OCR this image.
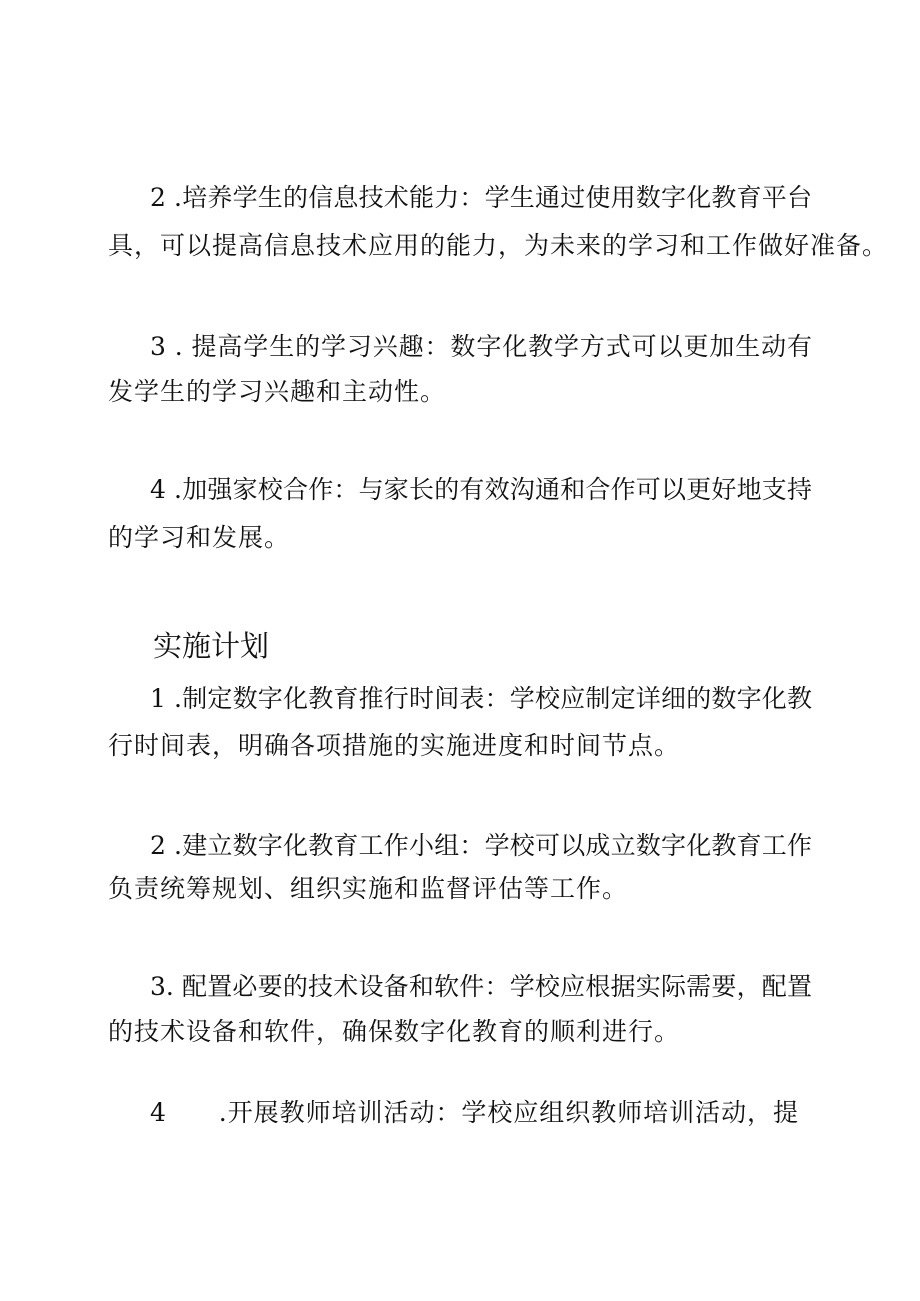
2 .培养学生的信息技术能力：学生通过使用数字化教育平台
具，可以提高信息技术应用的能力，为未来的学习和工作做好准备。
3 . 提高学生的学习兴趣：数字化教学方式可以更加生动有
发学生的学习兴趣和主动性。
4 .加强家校合作：与家长的有效沟通和合作可以更好地支持
的学习和发展。
实施计划
1 .制定数字化教育推行时间表：学校应制定详细的数字化教
行时间表，明确各项措施的实施进度和时间节点。
2 .建立数字化教育工作小组：学校可以成立数字化教育工作
负责统筹规划、组织实施和监督评估等工作。
3. 配置必要的技术设备和软件：学校应根据实际需要，配置
的技术设备和软件，确保数字化教育的顺利进行。
4　　.开展教师培训活动：学校应组织教师培训活动，提
